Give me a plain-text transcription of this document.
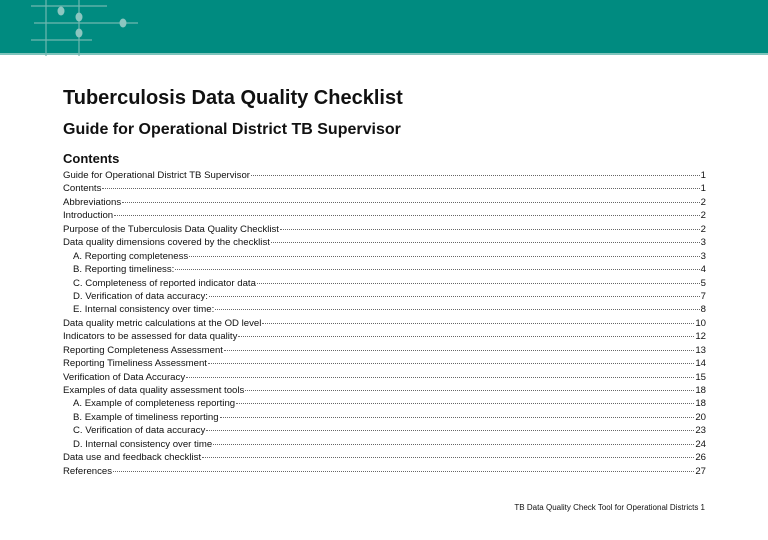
Tuberculosis Data Quality Checklist
Guide for Operational District TB Supervisor
Contents
Guide for Operational District TB Supervisor	1
Contents	1
Abbreviations	2
Introduction	2
Purpose of the Tuberculosis Data Quality Checklist	2
Data quality dimensions covered by the checklist	3
A. Reporting completeness	3
B. Reporting timeliness:	4
C. Completeness of reported indicator data	5
D. Verification of data accuracy:	7
E. Internal consistency over time:	8
Data quality metric calculations at the OD level	10
Indicators to be assessed for data quality	12
Reporting Completeness Assessment	13
Reporting Timeliness Assessment	14
Verification of Data Accuracy	15
Examples of data quality assessment tools	18
A. Example of completeness reporting	18
B. Example of timeliness reporting	20
C. Verification of data accuracy	23
D. Internal consistency over time	24
Data use and feedback checklist	26
References	27
TB Data Quality Check Tool for Operational Districts 1
